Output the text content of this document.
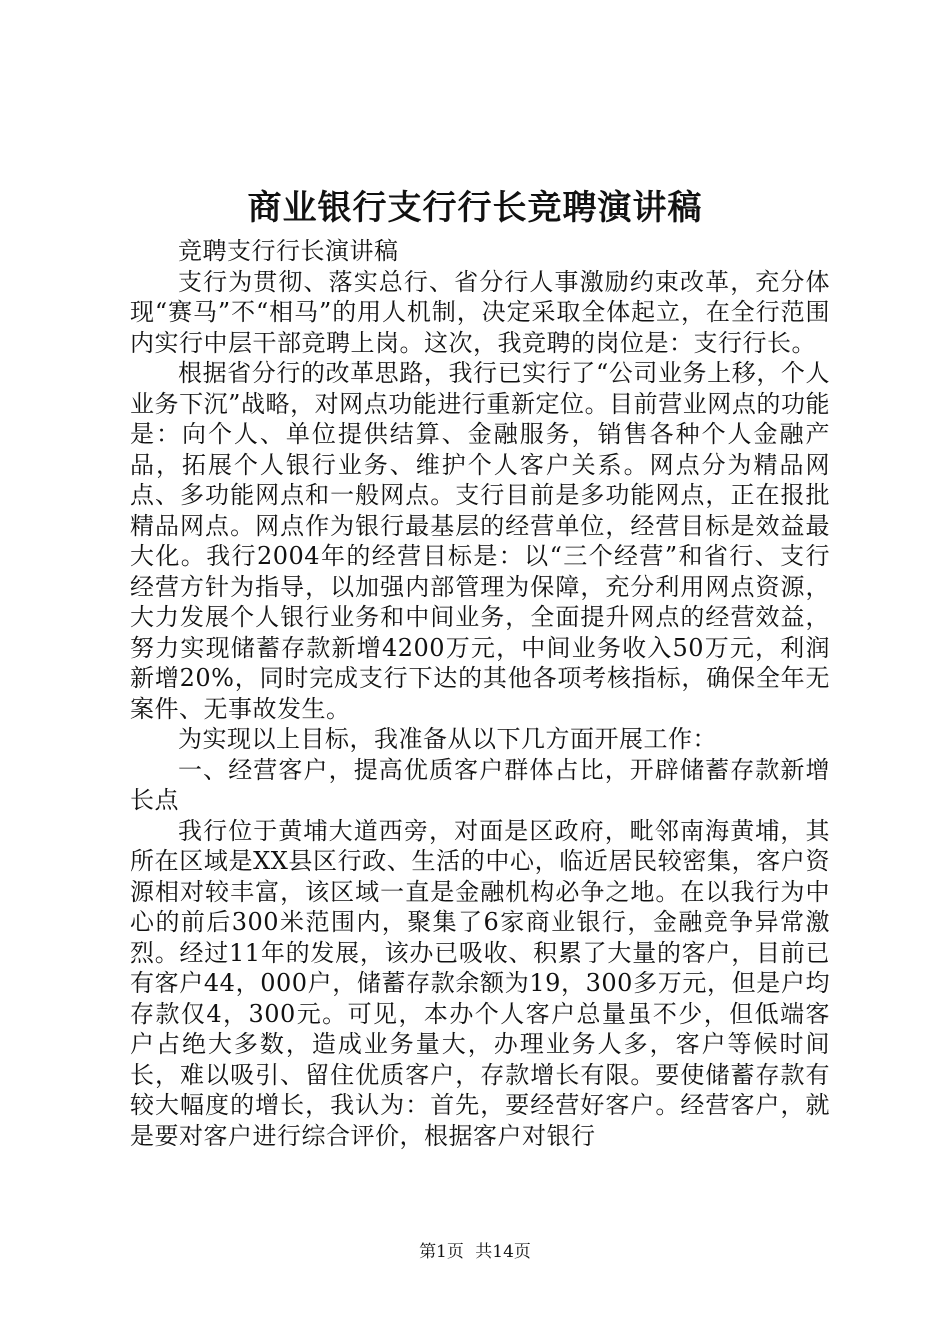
商业银行支行行长竞聘演讲稿

竞聘支行行长演讲稿

支行为贯彻、落实总行、省分行人事激励约束改革，充分体现“赛马”不“相马”的用人机制，决定采取全体起立，在全行范围内实行中层干部竞聘上岗。这次，我竞聘的岗位是：支行行长。

根据省分行的改革思路，我行已实行了“公司业务上移，个人业务下沉”战略，对网点功能进行重新定位。目前营业网点的功能是：向个人、单位提供结算、金融服务，销售各种个人金融产品，拓展个人银行业务、维护个人客户关系。网点分为精品网点、多功能网点和一般网点。支行目前是多功能网点，正在报批精品网点。网点作为银行最基层的经营单位，经营目标是效益最大化。我行2004年的经营目标是：以“三个经营”和省行、支行经营方针为指导，以加强内部管理为保障，充分利用网点资源，大力发展个人银行业务和中间业务，全面提升网点的经营效益，努力实现储蓄存款新增4200万元，中间业务收入50万元，利润新增20%，同时完成支行下达的其他各项考核指标，确保全年无案件、无事故发生。

为实现以上目标，我准备从以下几方面开展工作：

一、经营客户，提高优质客户群体占比，开辟储蓄存款新增长点

我行位于黄埔大道西旁，对面是区政府，毗邻南海黄埔，其所在区域是XX县区行政、生活的中心，临近居民较密集，客户资源相对较丰富，该区域一直是金融机构必争之地。在以我行为中心的前后300米范围内，聚集了6家商业银行，金融竞争异常激烈。经过11年的发展，该办已吸收、积累了大量的客户，目前已有客户44，000户，储蓄存款余额为19，300多万元，但是户均存款仅4，300元。可见，本办个人客户总量虽不少，但低端客户占绝大多数，造成业务量大，办理业务人多，客户等候时间长，难以吸引、留住优质客户，存款增长有限。要使储蓄存款有较大幅度的增长，我认为：首先，要经营好客户。经营客户，就是要对客户进行综合评价，根据客户对银行

第1页 共14页
